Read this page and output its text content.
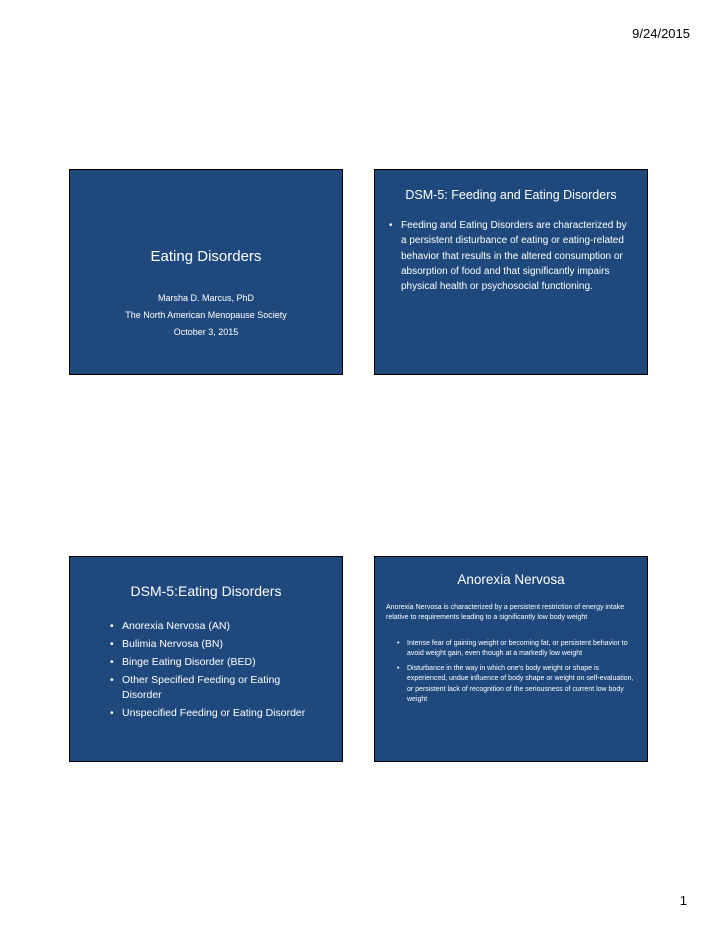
9/24/2015
Eating Disorders
Marsha D. Marcus, PhD
The North American Menopause Society
October 3, 2015
DSM-5: Feeding and Eating Disorders
• Feeding and Eating Disorders are characterized by a persistent disturbance of eating or eating-related behavior that results in the altered consumption or absorption of food and that significantly impairs physical health or psychosocial functioning.
DSM-5:Eating Disorders
• Anorexia Nervosa (AN)
• Bulimia Nervosa (BN)
• Binge Eating Disorder (BED)
• Other Specified Feeding or Eating Disorder
• Unspecified Feeding or Eating Disorder
Anorexia Nervosa
Anorexia Nervosa is characterized by a persistent restriction of energy intake relative to requirements leading to a significantly low body weight
•	Intense fear of gaining weight or becoming fat, or persistent behavior to avoid weight gain, even though at a markedly low weight
•	Disturbance in the way in which one's body weight or shape is experienced, undue influence of body shape or weight on self-evaluation, or persistent lack of recognition of the seriousness of current low body weight
1
